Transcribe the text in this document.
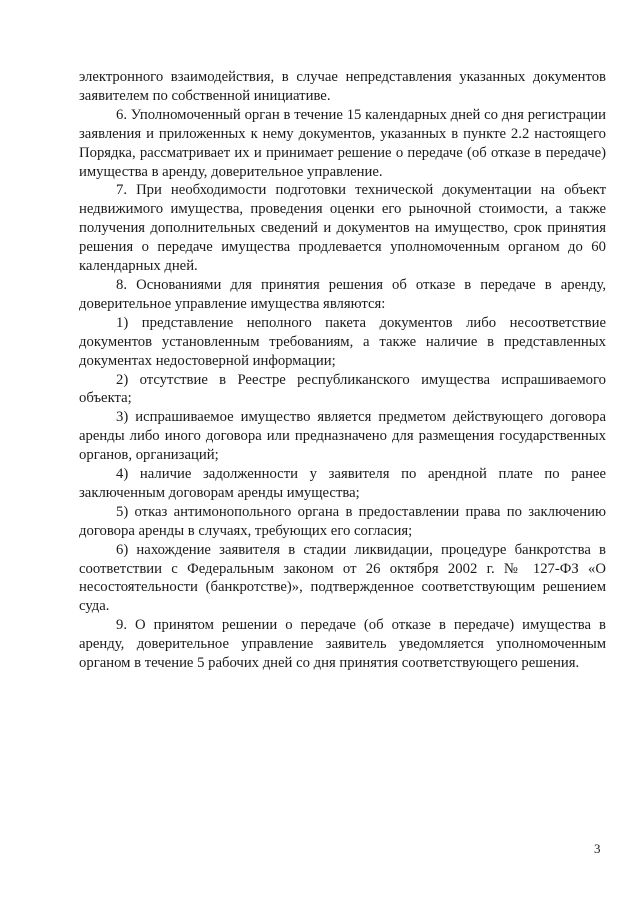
электронного взаимодействия, в случае непредставления указанных документов заявителем по собственной инициативе.

6. Уполномоченный орган в течение 15 календарных дней со дня регистрации заявления и приложенных к нему документов, указанных в пункте 2.2 настоящего Порядка, рассматривает их и принимает решение о передаче (об отказе в передаче) имущества в аренду, доверительное управление.

7. При необходимости подготовки технической документации на объект недвижимого имущества, проведения оценки его рыночной стоимости, а также получения дополнительных сведений и документов на имущество, срок принятия решения о передаче имущества продлевается уполномоченным органом до 60 календарных дней.

8. Основаниями для принятия решения об отказе в передаче в аренду, доверительное управление имущества являются:

1) представление неполного пакета документов либо несоответствие документов установленным требованиям, а также наличие в представленных документах недостоверной информации;

2) отсутствие в Реестре республиканского имущества испрашиваемого объекта;

3) испрашиваемое имущество является предметом действующего договора аренды либо иного договора или предназначено для размещения государственных органов, организаций;

4) наличие задолженности у заявителя по арендной плате по ранее заключенным договорам аренды имущества;

5) отказ антимонопольного органа в предоставлении права по заключению договора аренды в случаях, требующих его согласия;

6) нахождение заявителя в стадии ликвидации, процедуре банкротства в соответствии с Федеральным законом от 26 октября 2002 г. № 127-ФЗ «О несостоятельности (банкротстве)», подтвержденное соответствующим решением суда.

9. О принятом решении о передаче (об отказе в передаче) имущества в аренду, доверительное управление заявитель уведомляется уполномоченным органом в течение 5 рабочих дней со дня принятия соответствующего решения.

3
